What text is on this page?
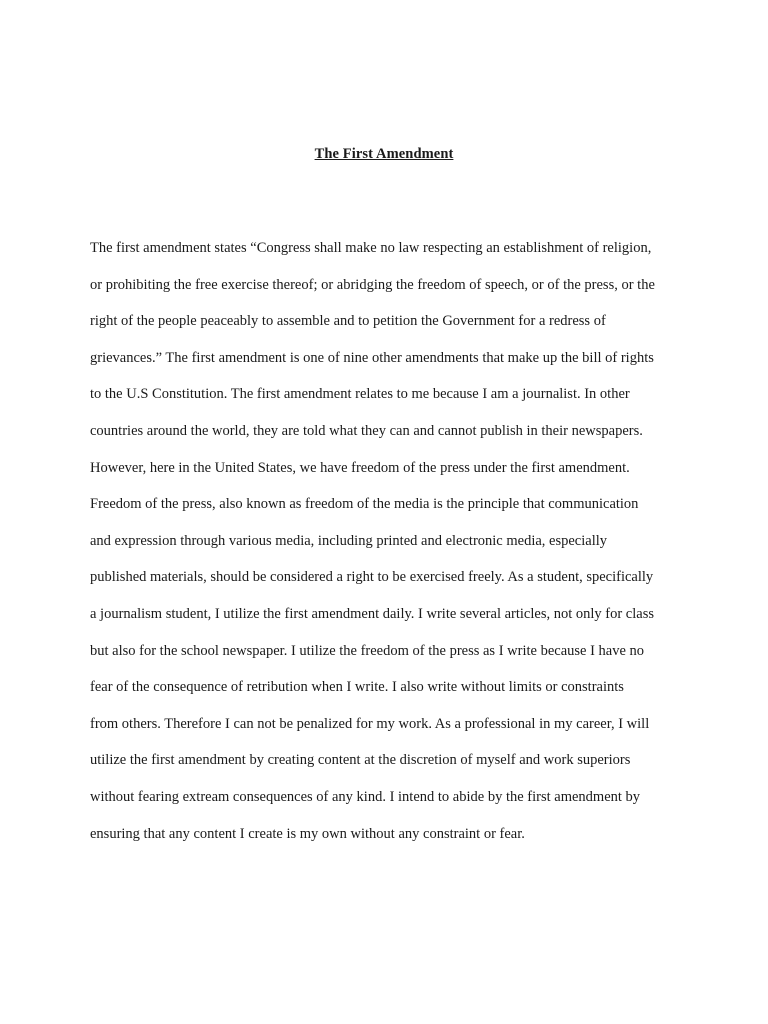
The First Amendment
The first amendment states “Congress shall make no law respecting an establishment of religion,
or prohibiting the free exercise thereof; or abridging the freedom of speech, or of the press, or the
right of the people peaceably to assemble and to petition the Government for a redress of
grievances.” The first amendment is one of nine other amendments that make up the bill of rights
to the U.S Constitution. The first amendment relates to me because I am a journalist. In other
countries around the world, they are told what they can and cannot publish in their newspapers.
However, here in the United States, we have freedom of the press under the first amendment.
Freedom of the press, also known as freedom of the media is the principle that communication
and expression through various media, including printed and electronic media, especially
published materials, should be considered a right to be exercised freely. As a student, specifically
a journalism student, I utilize the first amendment daily. I write several articles, not only for class
but also for the school newspaper. I utilize the freedom of the press as I write because I have no
fear of the consequence of retribution when I write. I also write without limits or constraints
from others. Therefore I can not be penalized for my work. As a professional in my career, I will
utilize the first amendment by creating content at the discretion of myself and work superiors
without fearing extream consequences of any kind. I intend to abide by the first amendment by
ensuring that any content I create is my own without any constraint or fear.
